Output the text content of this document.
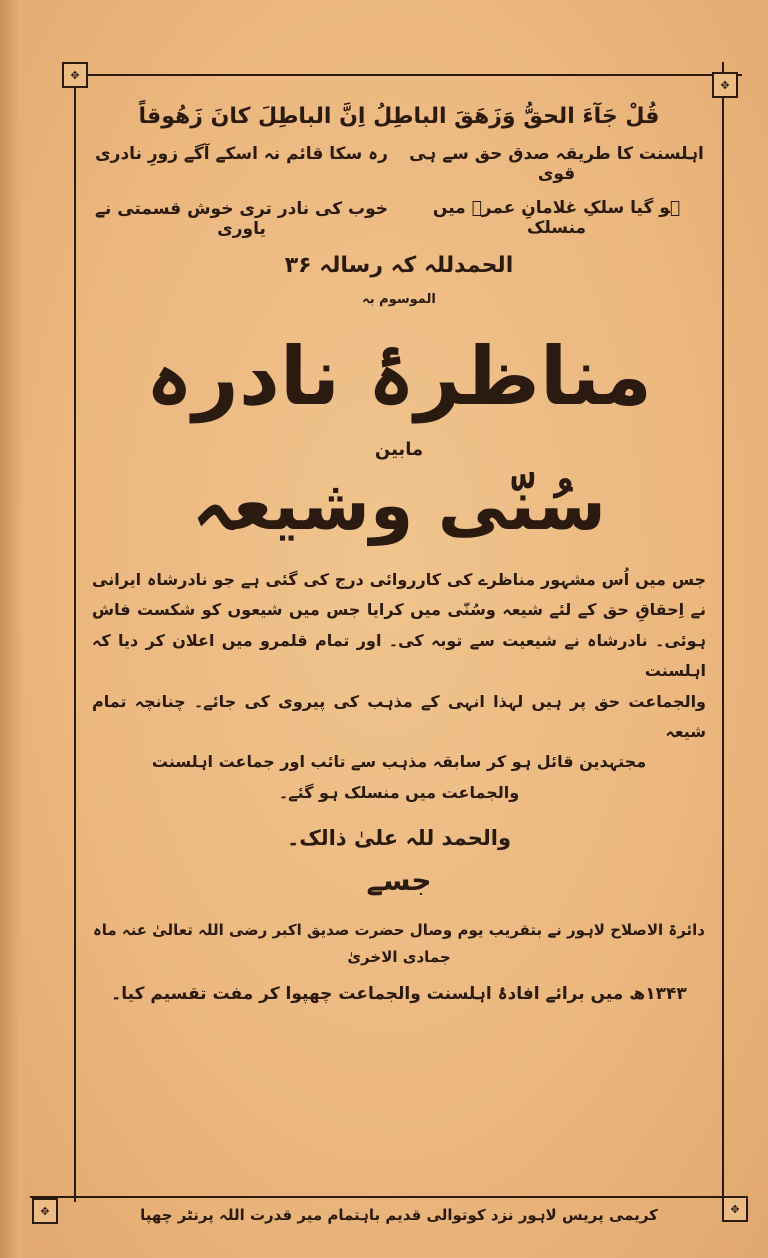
✥
✥
✥	✥
قُلْ جَآءَ الحقُّ وَزَھَقَ الباطِلُ اِنَّ الباطِلَ کانَ زَھُوقاً
اہلسنت کا طریقہ صدق حق سے ہی قوی
رہ سکا قائم نہ اسکے آگے زورِ نادری
ہو گیا سلکِ غلامانِ عمرؓ میں منسلک
خوب کی نادر تری خوش قسمتی نے یاوری
الحمدللہ کہ رسالہ ۳۶
الموسوم بہ
مناظرۂ نادرہ
مابین
سُنّی وشیعہ
جس میں اُس مشہور مناظرے کی کارروائی درج کی گئی ہے جو نادرشاہ ایرانی
نے اِحقاقِ حق کے لئے شیعہ وسُنّی میں کرایا جس میں شیعوں کو شکست فاش
ہوئی۔ نادرشاہ نے شیعیت سے توبہ کی۔ اور تمام قلمرو میں اعلان کر دیا کہ اہلسنت
والجماعت حق پر ہیں لہذا انہی کے مذہب کی پیروی کی جائے۔ چنانچہ تمام شیعہ
مجتہدین قائل ہو کر سابقہ مذہب سے تائب اور جماعت اہلسنت
والجماعت میں منسلک ہو گئے۔
والحمد للہ علیٰ ذالک۔
جسے
دائرۃ الاصلاح لاہور نے بتقریب یوم وصال حضرت صدیق اکبر رضی اللہ تعالیٰ عنہ ماہ جمادی الاخریٰ
۱۳۴۳ھ میں برائے افادۂ اہلسنت والجماعت چھپوا کر مفت تقسیم کیا۔
کریمی پریس لاہور نزد کوتوالی قدیم باہتمام میر قدرت اللہ پرنٹر چھپا
